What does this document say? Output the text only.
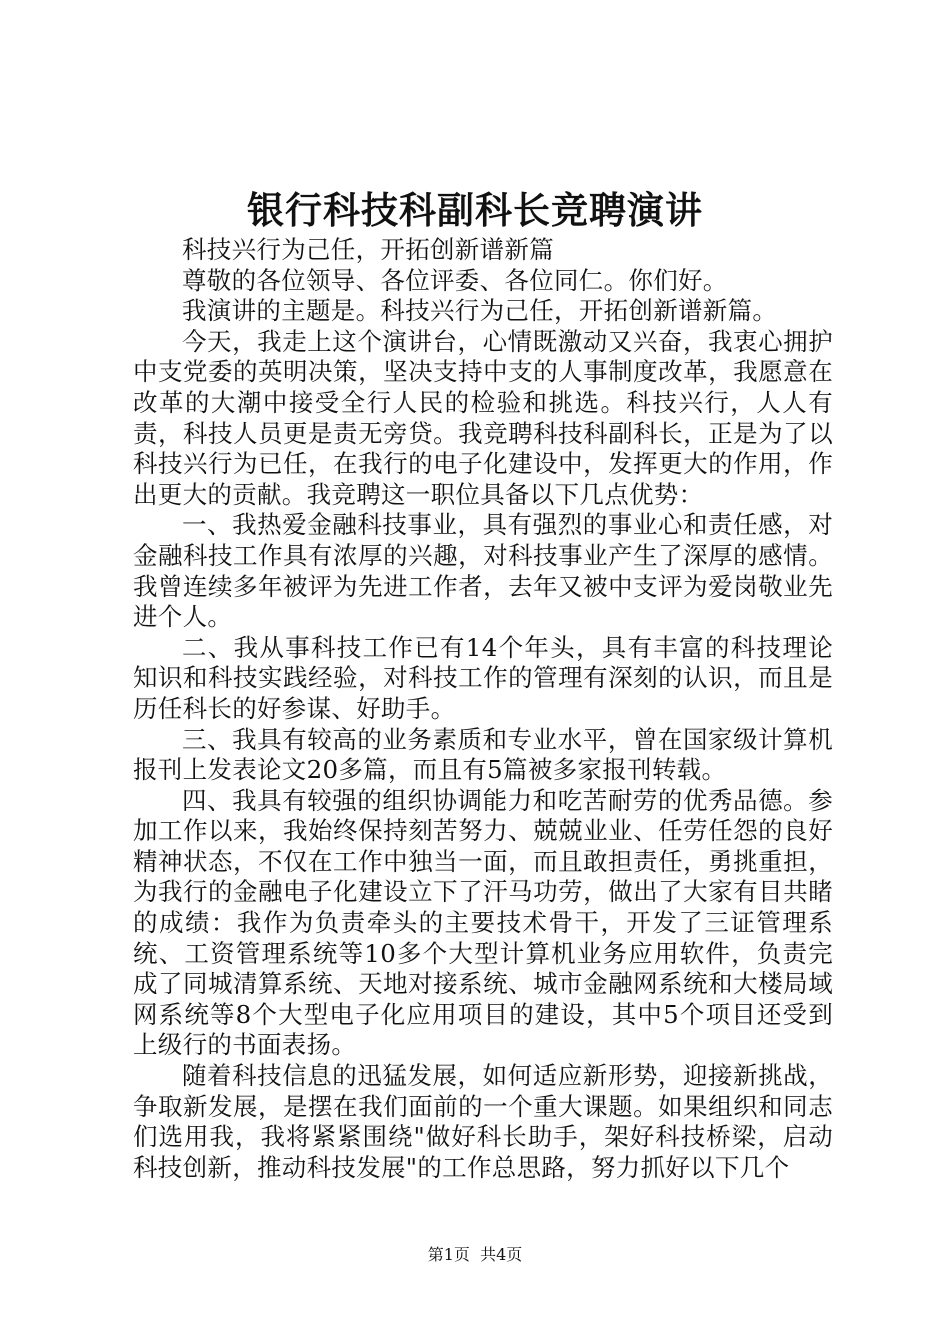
银行科技科副科长竞聘演讲

科技兴行为己任，开拓创新谱新篇

尊敬的各位领导、各位评委、各位同仁。你们好。

我演讲的主题是。科技兴行为己任，开拓创新谱新篇。

今天，我走上这个演讲台，心情既激动又兴奋，我衷心拥护中支党委的英明决策，坚决支持中支的人事制度改革，我愿意在改革的大潮中接受全行人民的检验和挑选。科技兴行，人人有责，科技人员更是责无旁贷。我竞聘科技科副科长，正是为了以科技兴行为已任，在我行的电子化建设中，发挥更大的作用，作出更大的贡献。我竞聘这一职位具备以下几点优势：

一、我热爱金融科技事业，具有强烈的事业心和责任感，对金融科技工作具有浓厚的兴趣，对科技事业产生了深厚的感情。我曾连续多年被评为先进工作者，去年又被中支评为爱岗敬业先进个人。

二、我从事科技工作已有14个年头，具有丰富的科技理论知识和科技实践经验，对科技工作的管理有深刻的认识，而且是历任科长的好参谋、好助手。

三、我具有较高的业务素质和专业水平，曾在国家级计算机报刊上发表论文20多篇，而且有5篇被多家报刊转载。

四、我具有较强的组织协调能力和吃苦耐劳的优秀品德。参加工作以来，我始终保持刻苦努力、兢兢业业、任劳任怨的良好精神状态，不仅在工作中独当一面，而且敢担责任，勇挑重担，为我行的金融电子化建设立下了汗马功劳，做出了大家有目共睹的成绩：我作为负责牵头的主要技术骨干，开发了三证管理系统、工资管理系统等10多个大型计算机业务应用软件，负责完成了同城清算系统、天地对接系统、城市金融网系统和大楼局域网系统等8个大型电子化应用项目的建设，其中5个项目还受到上级行的书面表扬。

随着科技信息的迅猛发展，如何适应新形势，迎接新挑战，争取新发展，是摆在我们面前的一个重大课题。如果组织和同志们选用我，我将紧紧围绕"做好科长助手，架好科技桥梁，启动科技创新，推动科技发展"的工作总思路，努力抓好以下几个

第1页  共4页
